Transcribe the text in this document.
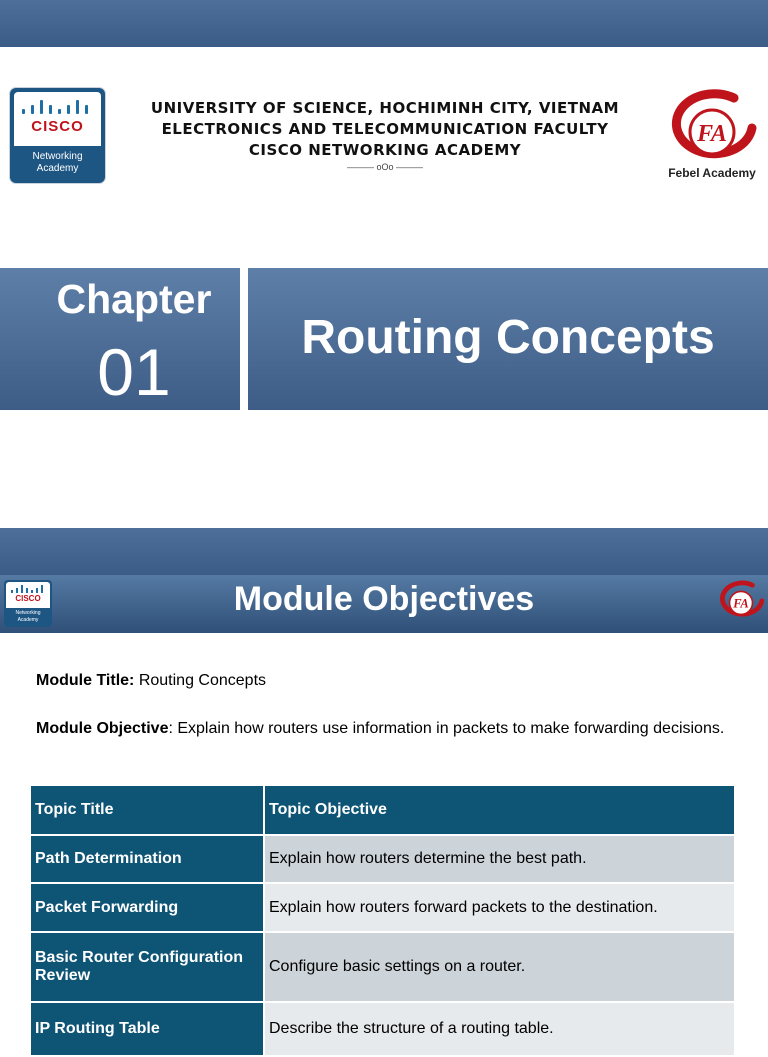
CISCO
Networking
Academy
UNIVERSITY OF SCIENCE, HOCHIMINH CITY, VIETNAM
ELECTRONICS AND TELECOMMUNICATION FACULTY
CISCO NETWORKING ACADEMY
——— oOo ———
FA
Febel Academy
Chapter
01	Routing Concepts
CISCO
Networking
Academy
Module Objectives	FA
Module Title: Routing Concepts
Module Objective: Explain how routers use information in packets to make forwarding decisions.
Topic Title	Topic Objective
Path Determination	Explain how routers determine the best path.
Packet Forwarding	Explain how routers forward packets to the destination.
Basic Router Configuration Review	Configure basic settings on a router.
IP Routing Table	Describe the structure of a routing table.
